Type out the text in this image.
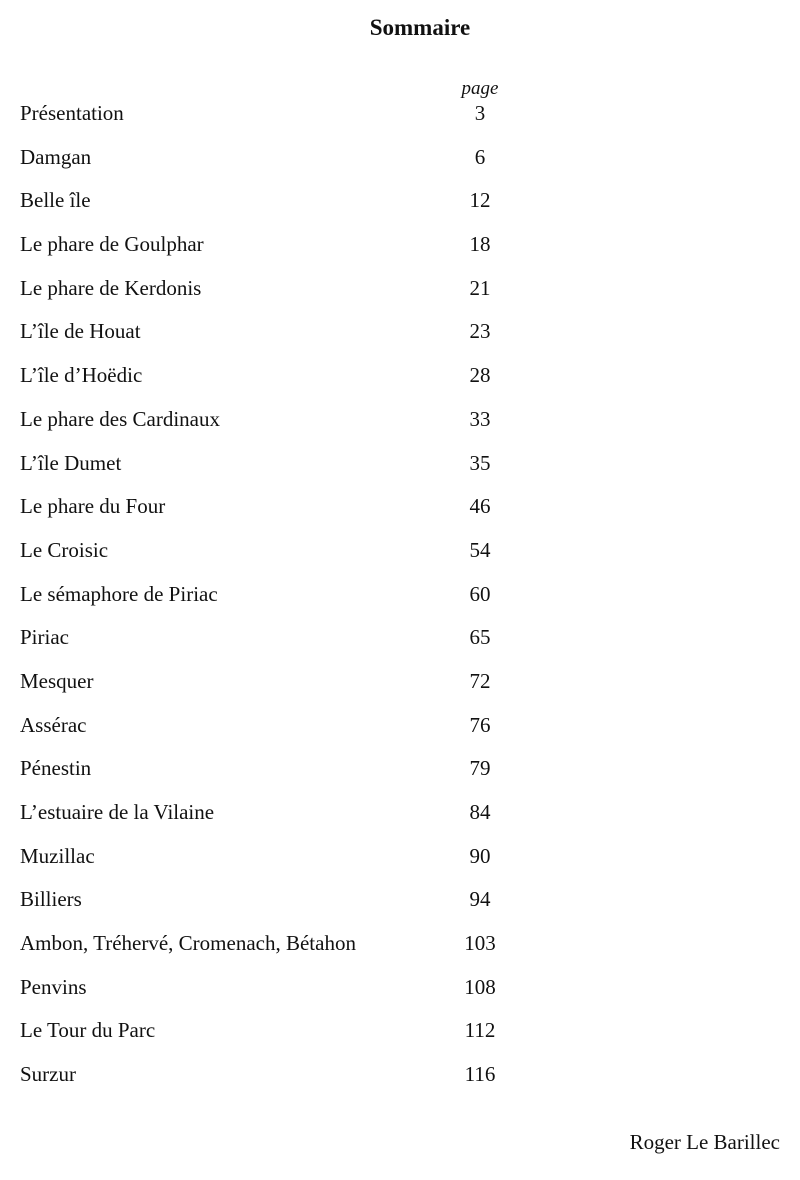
Sommaire
page
Présentation	3
Damgan	6
Belle île	12
Le phare de Goulphar	18
Le phare de Kerdonis	21
L’île de Houat	23
L’île d’Hoëdic	28
Le phare des Cardinaux	33
L’île Dumet	35
Le phare du Four	46
Le Croisic	54
Le sémaphore de Piriac	60
Piriac	65
Mesquer	72
Assérac	76
Pénestin	79
L’estuaire de la Vilaine	84
Muzillac	90
Billiers	94
Ambon, Tréhervé, Cromenach, Bétahon	103
Penvins	108
Le Tour du Parc	112
Surzur	116
Roger Le Barillec
